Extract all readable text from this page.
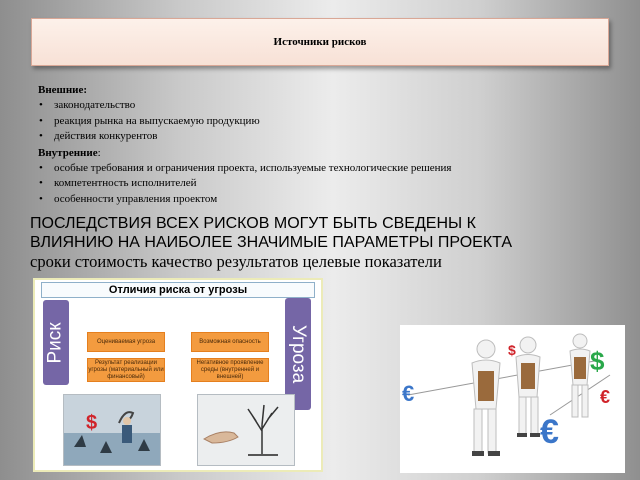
Источники рисков
Внешние:
• законодательство
• реакция рынка на выпускаемую продукцию
• действия конкурентов
Внутренние:
• особые требования и ограничения проекта, используемые технологические решения
• компетентность исполнителей
• особенности управления проектом
ПОСЛЕДСТВИЯ ВСЕХ РИСКОВ МОГУТ БЫТЬ СВЕДЕНЫ К
ВЛИЯНИЮ НА НАИБОЛЕЕ ЗНАЧИМЫЕ ПАРАМЕТРЫ ПРОЕКТА
сроки стоимость качество результатов целевые показатели
Отличия риска от угрозы
Риск	Угроза
Оцениваемая угроза	Возможная опасность
Результат реализации угрозы (материальный или финансовый)
Негативное проявление среды (внутренней и внешней)
$
€
$	$
€
€
